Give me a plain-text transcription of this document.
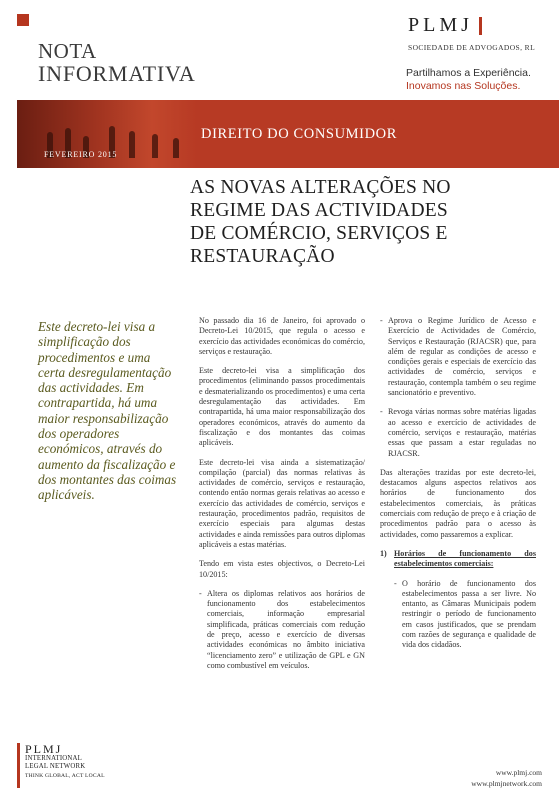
NOTA
INFORMATIVA
PLMJ
SOCIEDADE DE ADVOGADOS, RL
Partilhamos a Experiência.
Inovamos nas Soluções.
FEVEREIRO 2015
DIREITO DO CONSUMIDOR
AS NOVAS ALTERAÇÕES NO
REGIME DAS ACTIVIDADES
DE COMÉRCIO, SERVIÇOS E
RESTAURAÇÃO
Este decreto-lei visa a simplificação dos procedimentos e uma certa desregulamentação das actividades. Em contrapartida, há uma maior responsabilização dos operadores económicos, através do aumento da fiscalização e dos montantes das coimas aplicáveis.

No passado dia 16 de Janeiro, foi aprovado o Decreto-Lei 10/2015, que regula o acesso e exercício das actividades económicas do comércio, serviços e restauração.

Este decreto-lei visa a simplificação dos procedimentos (eliminando passos procedimentais e desmaterializando os procedimentos) e uma certa desregulamentação das actividades. Em contrapartida, há uma maior responsabilização dos operadores económicos, através do aumento da fiscalização e dos montantes das coimas aplicáveis.

Este decreto-lei visa ainda a sistematização/ compilação (parcial) das normas relativas às actividades de comércio, serviços e restauração, contendo então normas gerais relativas ao acesso e exercício das actividades de comércio, serviços e restauração, procedimentos padrão, requisitos de exercício especiais para algumas destas actividades e ainda remissões para outros diplomas aplicáveis a estas matérias.

Tendo em vista estes objectivos, o Decreto-Lei 10/2015:

- Altera os diplomas relativos aos horários de funcionamento dos estabelecimentos comerciais, informação empresarial simplificada, práticas comerciais com redução de preço, acesso e exercício de diversas actividades económicas no âmbito iniciativa “licenciamento zero” e utilização de GPL e GN como combustível em veículos.
- Aprova o Regime Jurídico de Acesso e Exercício de Actividades de Comércio, Serviços e Restauração (RJACSR) que, para além de regular as condições de acesso e condições gerais e especiais de exercício das actividades de comércio, serviços e restauração, contempla também o seu regime sancionatório e preventivo.
- Revoga várias normas sobre matérias ligadas ao acesso e exercício de actividades de comércio, serviços e restauração, matérias essas que passam a estar reguladas no RJACSR.

Das alterações trazidas por este decreto-lei, destacamos alguns aspectos relativos aos horários de funcionamento dos estabelecimentos comerciais, às práticas comerciais com redução de preço e à criação de procedimentos padrão para o acesso às actividades, como passaremos a explicar.

1) Horários de funcionamento dos estabelecimentos comerciais:
- O horário de funcionamento dos estabelecimentos passa a ser livre. No entanto, as Câmaras Municipais podem restringir o período de funcionamento em casos justificados, que se prendam com razões de segurança e qualidade de vida dos cidadãos.
PLMJ
INTERNATIONAL
LEGAL NETWORK
THINK GLOBAL, ACT LOCAL	www.plmj.com
www.plmjnetwork.com
